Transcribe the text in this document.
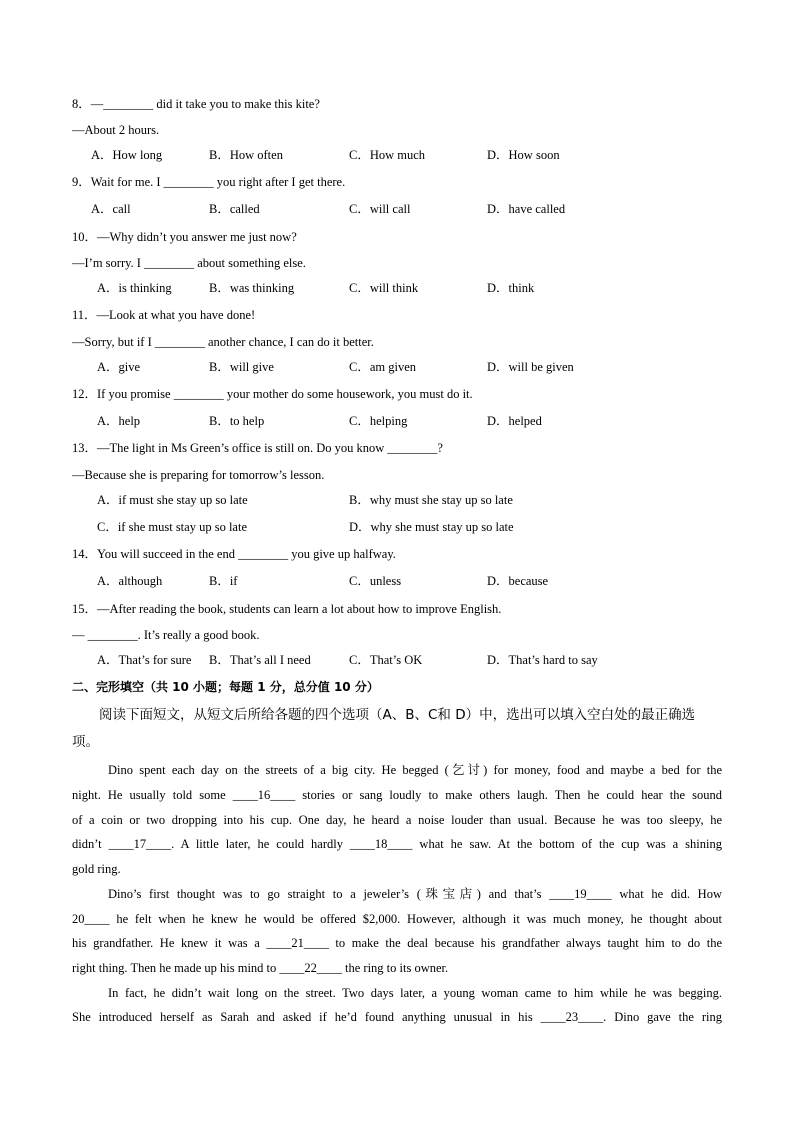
8．—________ did it take you to make this kite?
—About 2 hours.
A．How long	B．How often	C．How much	D．How soon
9．Wait for me. I ________ you right after I get there.
A．call	B．called	C．will call	D．have called
10．—Why didn’t you answer me just now?
—I’m sorry. I ________ about something else.
A．is thinking	B．was thinking	C．will think	D．think
11．—Look at what you have done!
—Sorry, but if I ________ another chance, I can do it better.
A．give	B．will give	C．am given	D．will be given
12．If you promise ________ your mother do some housework, you must do it.
A．help	B．to help	C．helping	D．helped
13．—The light in Ms Green’s office is still on. Do you know ________?
—Because she is preparing for tomorrow’s lesson.
A．if must she stay up so late	B．why must she stay up so late
C．if she must stay up so late	D．why she must stay up so late
14．You will succeed in the end ________ you give up halfway.
A．although	B．if	C．unless	D．because
15．—After reading the book, students can learn a lot about how to improve English.
— ________. It’s really a good book.
A．That’s for sure B．That’s all I need	C．That’s OK	D．That’s hard to say
二、完形填空（共 10 小题；每题 1 分，总分值 10 分）
阅读下面短文，从短文后所给各题的四个选项（A、B、C和 D）中，选出可以填入空白处的最正确选
项。
Dino spent each day on the streets of a big city. He begged (乞讨) for money, food and maybe a bed for the
night. He usually told some ____16____ stories or sang loudly to make others laugh. Then he could hear the sound
of a coin or two dropping into his cup. One day, he heard a noise louder than usual. Because he was too sleepy, he
didn’t ____17____. A little later, he could hardly ____18____ what he saw. At the bottom of the cup was a shining
gold ring.
Dino’s first thought was to go straight to a jeweler’s (珠宝店) and that’s ____19____ what he did. How
20____ he felt when he knew he would be offered $2,000. However, although it was much money, he thought about
his grandfather. He knew it was a ____21____ to make the deal because his grandfather always taught him to do the
right thing. Then he made up his mind to ____22____ the ring to its owner.
In fact, he didn’t wait long on the street. Two days later, a young woman came to him while he was begging.
She introduced herself as Sarah and asked if he’d found anything unusual in his ____23____. Dino gave the ring
